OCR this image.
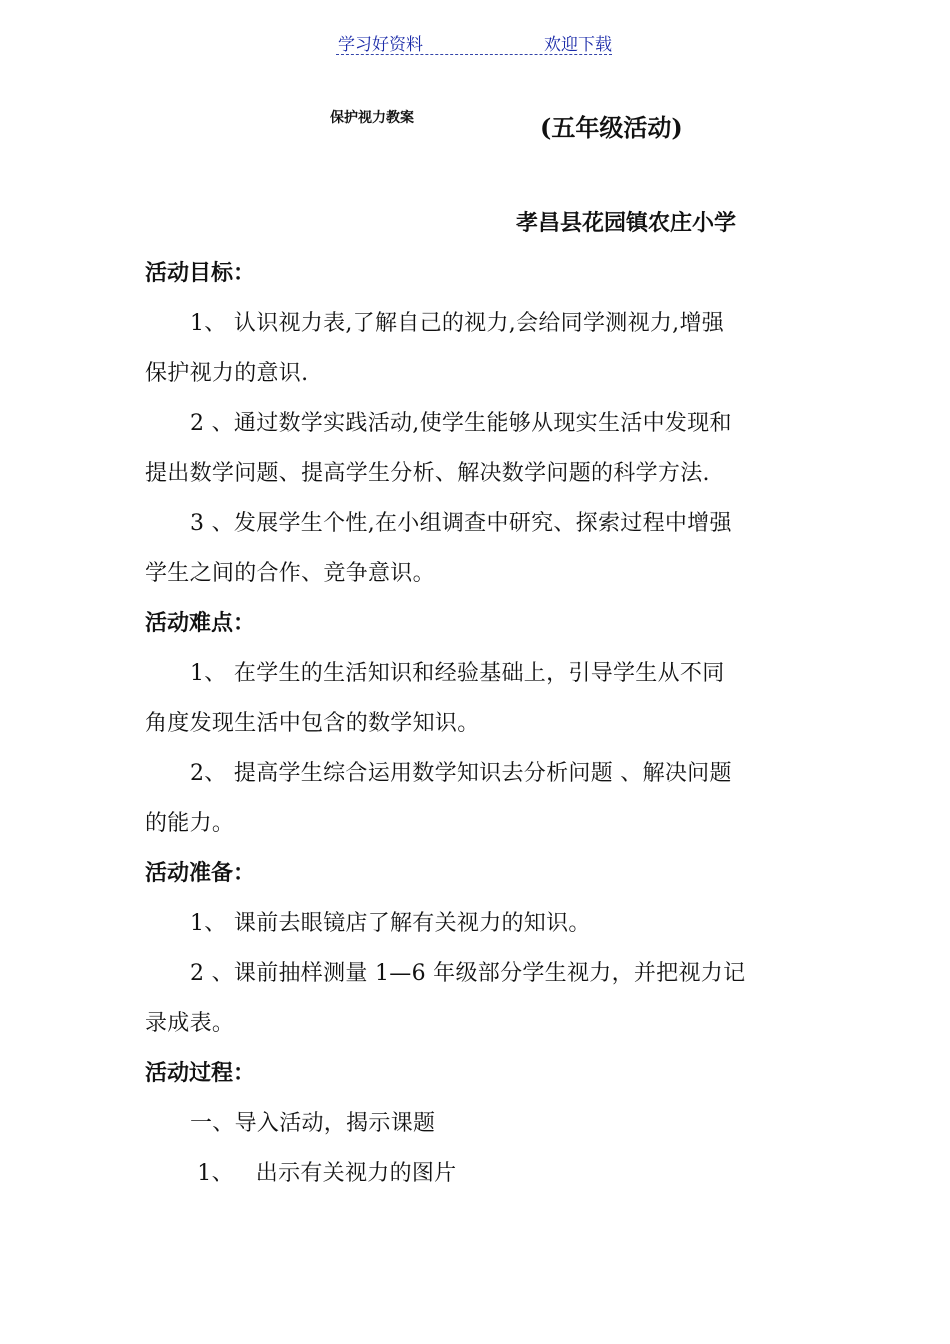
学习好资料	欢迎下载
保护视力教案	(五年级活动)
孝昌县花园镇农庄小学
活动目标：
1、 认识视力表,了解自己的视力,会给同学测视力,增强
保护视力的意识.
2 、通过数学实践活动,使学生能够从现实生活中发现和
提出数学问题、提高学生分析、解决数学问题的科学方法.
3 、发展学生个性,在小组调查中研究、探索过程中增强
学生之间的合作、竞争意识。
活动难点：
1、 在学生的生活知识和经验基础上，引导学生从不同
角度发现生活中包含的数学知识。
2、 提高学生综合运用数学知识去分析问题 、解决问题
的能力。
活动准备：
1、 课前去眼镜店了解有关视力的知识。
2 、课前抽样测量 1—6 年级部分学生视力，并把视力记
录成表。
活动过程：
一、导入活动，揭示课题
1、   出示有关视力的图片
